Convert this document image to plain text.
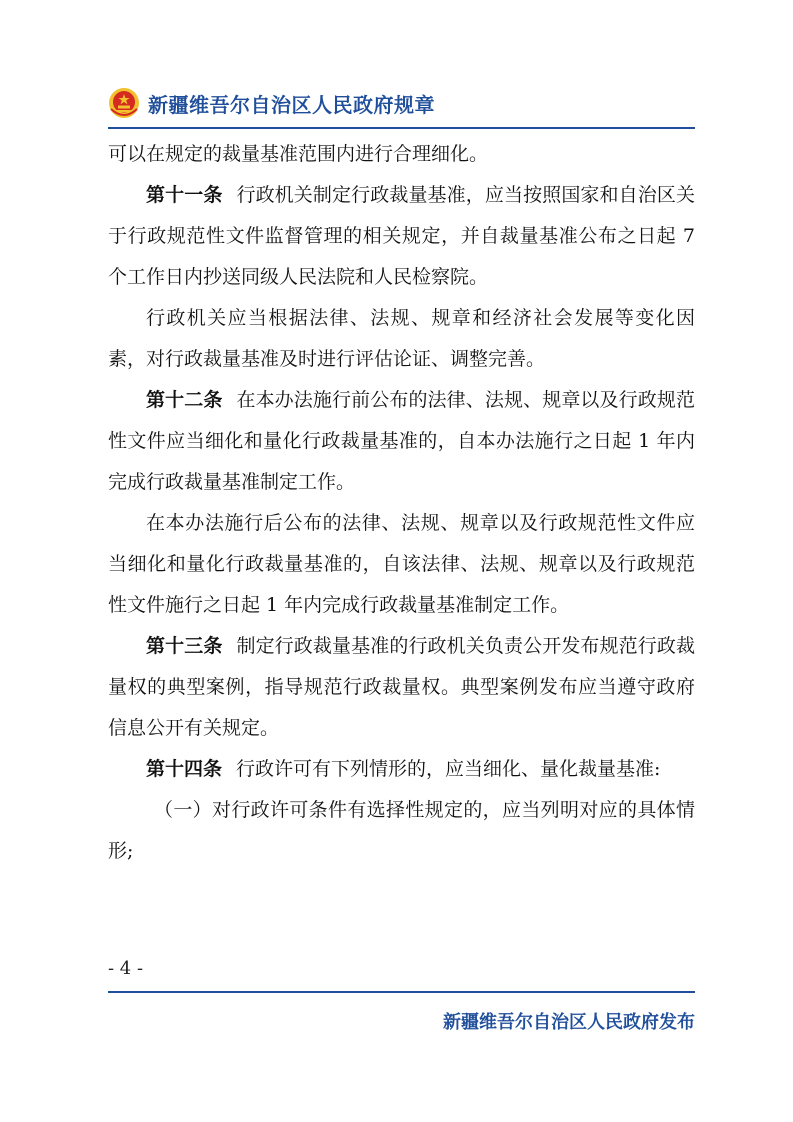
新疆维吾尔自治区人民政府规章

可以在规定的裁量基准范围内进行合理细化。

第十一条 行政机关制定行政裁量基准，应当按照国家和自治区关于行政规范性文件监督管理的相关规定，并自裁量基准公布之日起 7 个工作日内抄送同级人民法院和人民检察院。

行政机关应当根据法律、法规、规章和经济社会发展等变化因素，对行政裁量基准及时进行评估论证、调整完善。

第十二条 在本办法施行前公布的法律、法规、规章以及行政规范性文件应当细化和量化行政裁量基准的，自本办法施行之日起 1 年内完成行政裁量基准制定工作。

在本办法施行后公布的法律、法规、规章以及行政规范性文件应当细化和量化行政裁量基准的，自该法律、法规、规章以及行政规范性文件施行之日起 1 年内完成行政裁量基准制定工作。

第十三条 制定行政裁量基准的行政机关负责公开发布规范行政裁量权的典型案例，指导规范行政裁量权。典型案例发布应当遵守政府信息公开有关规定。

第十四条 行政许可有下列情形的，应当细化、量化裁量基准:

（一）对行政许可条件有选择性规定的，应当列明对应的具体情形;

- 4 -
新疆维吾尔自治区人民政府发布
